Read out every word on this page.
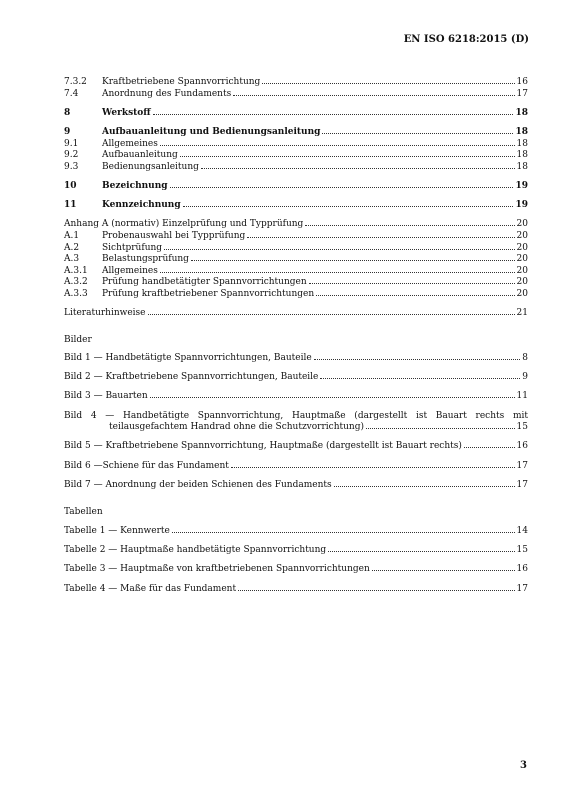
EN ISO 6218:2015 (D)
7.3.2	Kraftbetriebene Spannvorrichtung	16
7.4	Anordnung des Fundaments	17
8	Werkstoff	18
9	Aufbauanleitung und Bedienungsanleitung	18
9.1	Allgemeines	18
9.2	Aufbauanleitung	18
9.3	Bedienungsanleitung	18
10	Bezeichnung	19
11	Kennzeichnung	19
Anhang A (normativ) Einzelprüfung und Typprüfung	20
A.1	Probenauswahl bei Typprüfung	20
A.2	Sichtprüfung	20
A.3	Belastungsprüfung	20
A.3.1	Allgemeines	20
A.3.2	Prüfung handbetätigter Spannvorrichtungen	20
A.3.3	Prüfung kraftbetriebener Spannvorrichtungen	20
Literaturhinweise	21
Bilder
Bild 1 — Handbetätigte Spannvorrichtungen, Bauteile	8
Bild 2 — Kraftbetriebene Spannvorrichtungen, Bauteile	9
Bild 3 — Bauarten	11
Bild 4 — Handbetätigte Spannvorrichtung, Hauptmaße (dargestellt ist Bauart rechts mit
teilausgefachtem Handrad ohne die Schutzvorrichtung)	15
Bild 5 — Kraftbetriebene Spannvorrichtung, Hauptmaße (dargestellt ist Bauart rechts)	16
Bild 6 —Schiene für das Fundament	17
Bild 7 — Anordnung der beiden Schienen des Fundaments	17
Tabellen
Tabelle 1 — Kennwerte	14
Tabelle 2 — Hauptmaße handbetätigte Spannvorrichtung	15
Tabelle 3 — Hauptmaße von kraftbetriebenen Spannvorrichtungen	16
Tabelle 4 — Maße für das Fundament	17
3
